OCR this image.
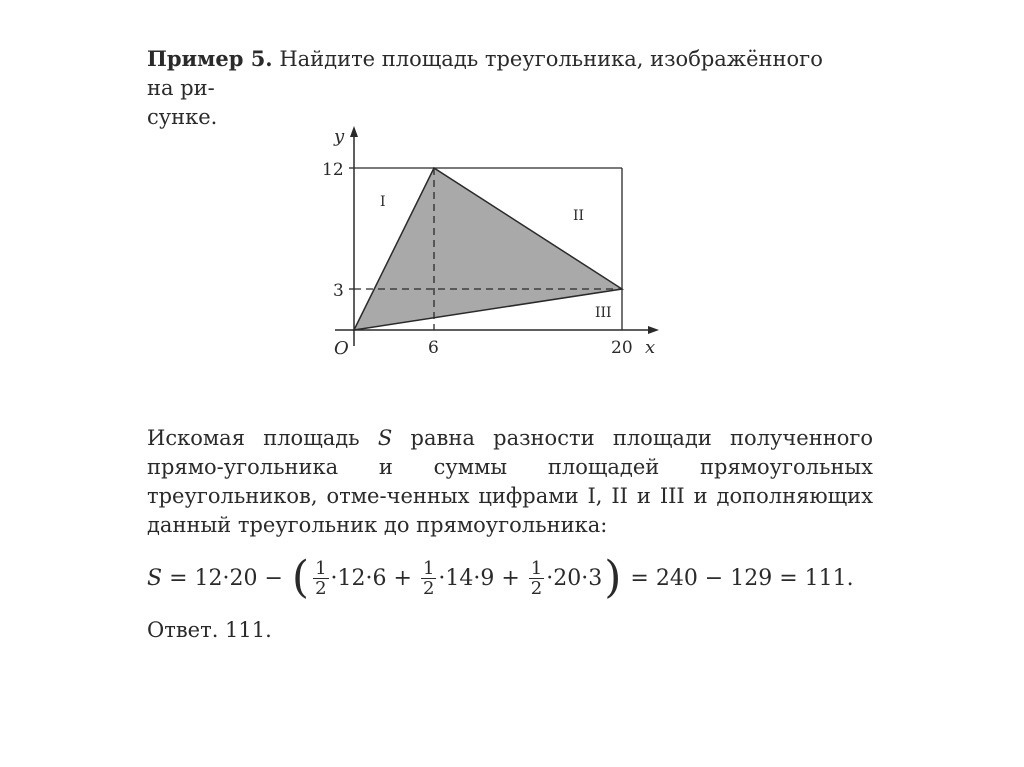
Пример 5. Найдите площадь треугольника, изображённого на ри-
сунке.

y
x
O
12
3
6	20
I
II
III

Искомая площадь S равна разности площади полученного прямо-угольника и суммы площадей прямоугольных треугольников, отме-ченных цифрами I, II и III и дополняющих данный треугольник до прямоугольника:

S = 12·20 − ( $\frac{1}{2} \cdot 12\cdot 6 + \frac{1}{2} \cdot 14\cdot 9 + \frac{1}{2} \cdot 20\cdot 3$ ) = 240 − 129 = 111.

Ответ. 111.
